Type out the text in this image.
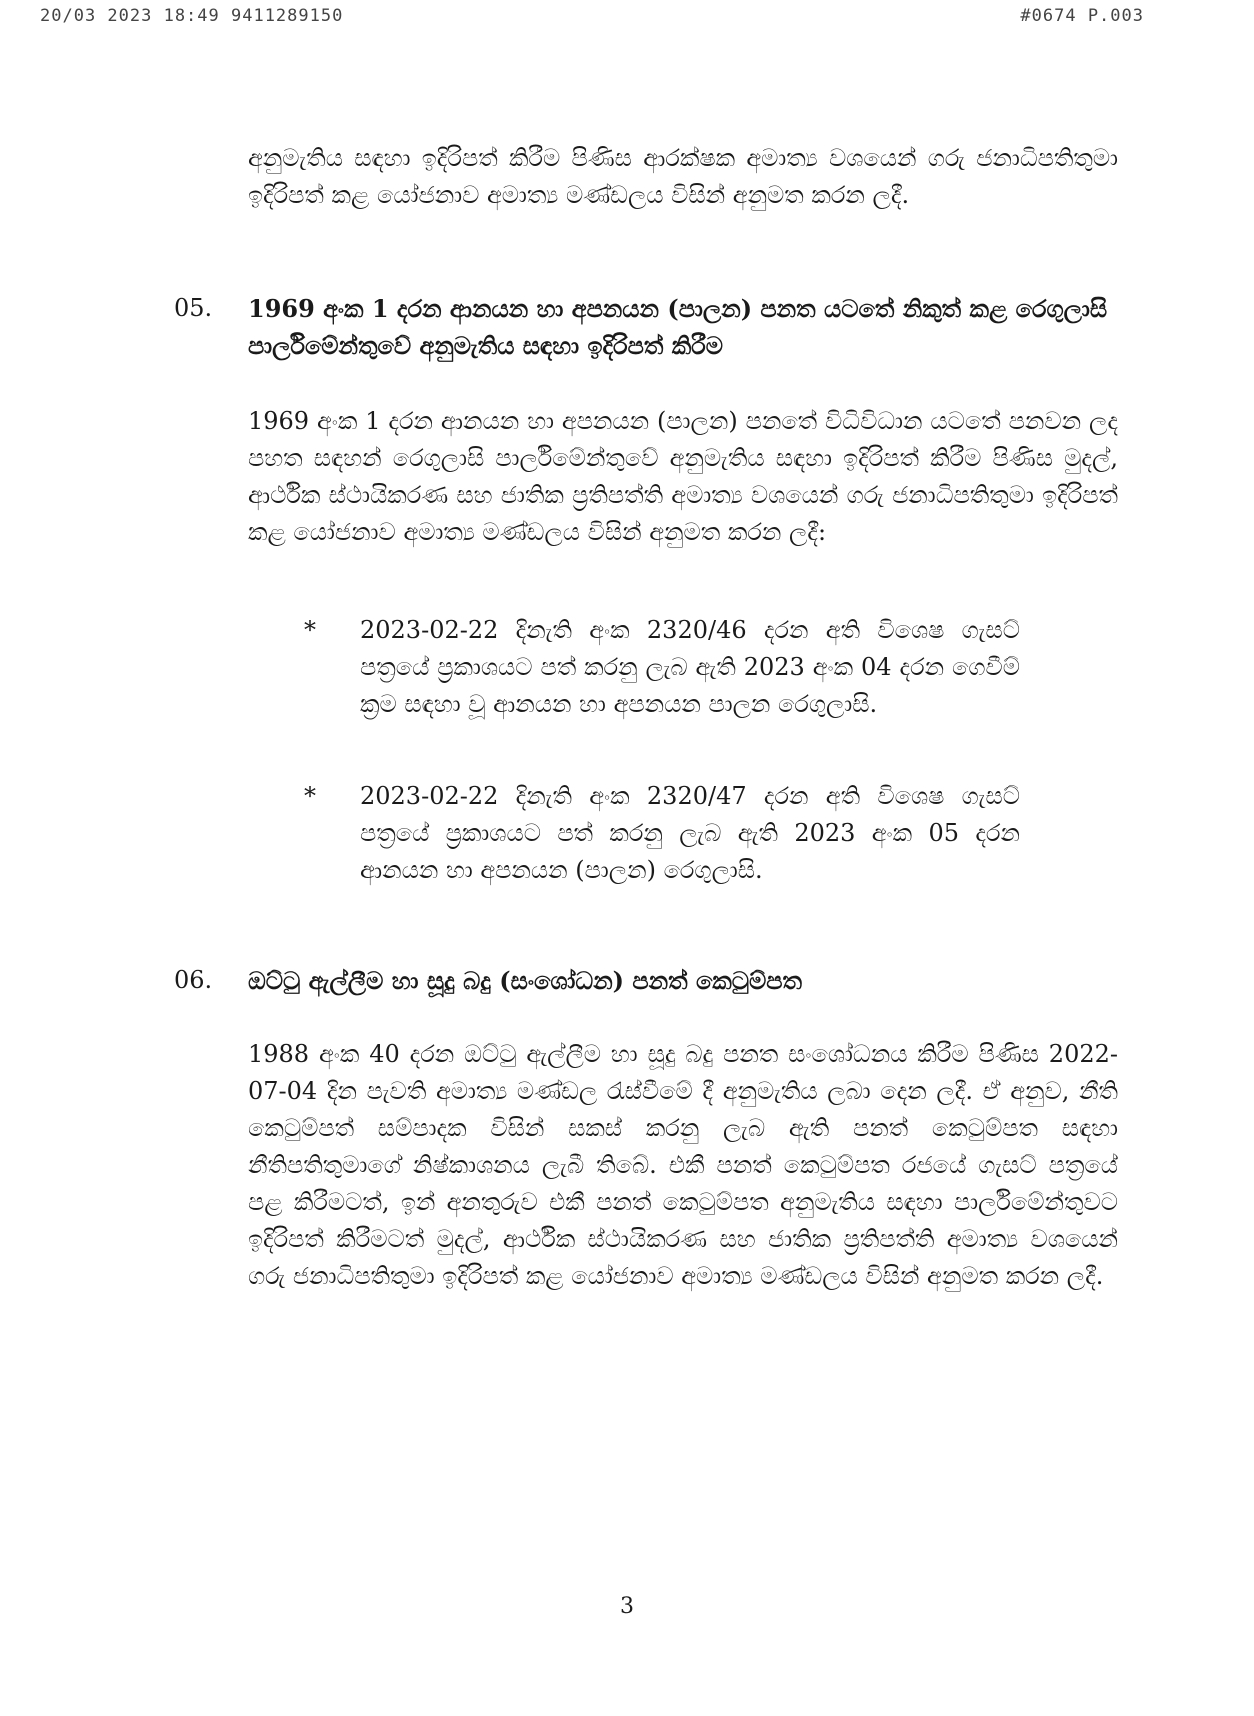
20/03 2023 18:49 9411289150	#0674 P.003

අනුමැතිය සඳහා ඉදිරිපත් කිරීම පිණිස ආරක්ෂක අමාත්‍ය වශයෙන් ගරු ජනාධිපතිතුමා ඉදිරිපත් කළ යෝජනාව අමාත්‍ය මණ්ඩලය විසින් අනුමත කරන ලදී.

05. 1969 අංක 1 දරන ආනයන හා අපනයන (පාලන) පනත යටතේ නිකුත් කළ රෙගුලාසි පාර්ලිමේන්තුවේ අනුමැතිය සඳහා ඉදිරිපත් කිරීම

1969 අංක 1 දරන ආනයන හා අපනයන (පාලන) පනතේ විධිවිධාන යටතේ පනවන ලද පහත සඳහන් රෙගුලාසි පාර්ලිමේන්තුවේ අනුමැතිය සඳහා ඉදිරිපත් කිරීම පිණිස මුදල්, ආර්ථික ස්ථායිකරණ සහ ජාතික ප්‍රතිපත්ති අමාත්‍ය වශයෙන් ගරු ජනාධිපතිතුමා ඉදිරිපත් කළ යෝජනාව අමාත්‍ය මණ්ඩලය විසින් අනුමත කරන ලදී:

* 2023-02-22 දිනැති අංක 2320/46 දරන අති විශෙෂ ගැසට් පත්‍රයේ ප්‍රකාශයට පත් කරනු ලැබ ඇති 2023 අංක 04 දරන ගෙවීම් ක්‍රම සඳහා වූ ආනයන හා අපනයන පාලන රෙගුලාසි.

* 2023-02-22 දිනැති අංක 2320/47 දරන අති විශෙෂ ගැසට් පත්‍රයේ ප්‍රකාශයට පත් කරනු ලැබ ඇති 2023 අංක 05 දරන ආනයන හා අපනයන (පාලන) රෙගුලාසි.

06. ඔට්ටු ඇල්ලීම හා සූදු බදු (සංශෝධන) පනත් කෙටුම්පත

1988 අංක 40 දරන ඔට්ටු ඇල්ලීම හා සූදු බදු පනත සංශෝධනය කිරීම පිණිස 2022-07-04 දින පැවති අමාත්‍ය මණ්ඩල රැස්වීමේ දී අනුමැතිය ලබා දෙන ලදී. ඒ අනුව, නීති කෙටුම්පත් සම්පාදක විසින් සකස් කරනු ලැබ ඇති පනත් කෙටුම්පත සඳහා නීතිපතිතුමාගේ නිෂ්කාශනය ලැබී තිබේ. එකී පනත් කෙටුම්පත රජයේ ගැසට් පත්‍රයේ පළ කිරීමටත්, ඉන් අනතුරුව එකී පනත් කෙටුම්පත අනුමැතිය සඳහා පාර්ලිමේන්තුවට ඉදිරිපත් කිරීමටත් මුදල්, ආර්ථික ස්ථායිකරණ සහ ජාතික ප්‍රතිපත්ති අමාත්‍ය වශයෙන් ගරු ජනාධිපතිතුමා ඉදිරිපත් කළ යෝජනාව අමාත්‍ය මණ්ඩලය විසින් අනුමත කරන ලදී.

3
